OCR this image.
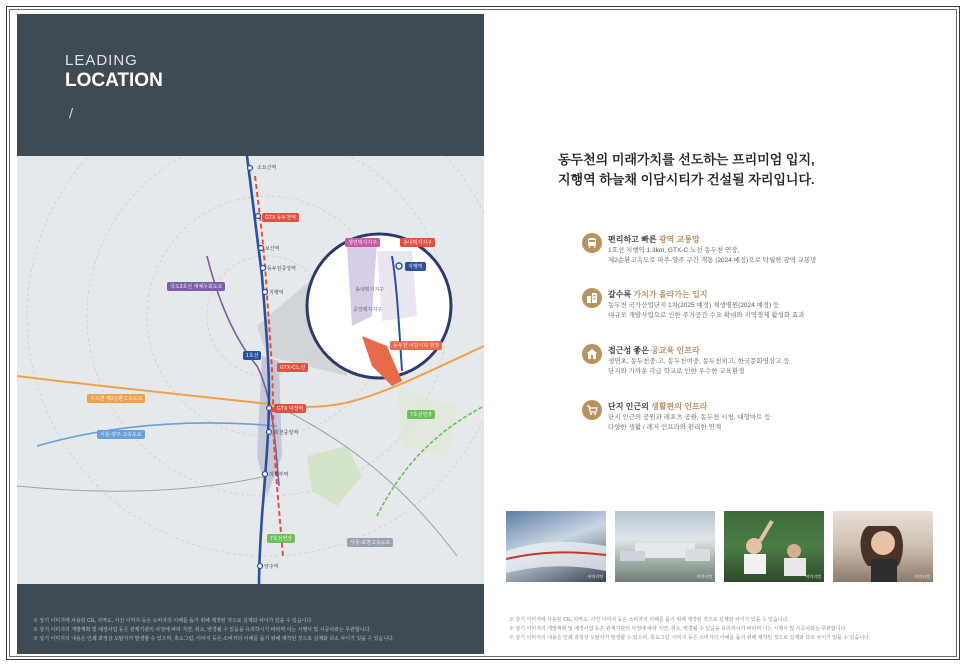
LEADING
LOCATION
/
소요산역
보산역
동두천중앙역
지행역
회천중앙역
의정부역
양주역
GTX 동두천역
GTX-C노선
GTX 덕정역
1호선
국도3호선 대체우회도로
수도권 제2순환고속도로
서울-양주 고속도로
7호선연장
7호선연장
서울-포천고속도로
생연택지지구	송내택지지구
지행역
송내택지지구
중앙택지지구
동두천 이담시티 현장
※ 상기 이미지에 사용된 CG, 지역도, 사진 이미지 등은 소비자의 이해를 돕기 위해 제작된 것으로 실제와 차이가 있을 수 있습니다.
※ 상기 이미지의 개발계획 및 예정사업 등은 관계기관의 사정에 따라 지연, 취소, 변경될 수 있음을 유의하시기 바라며 이는 시행사 및 시공사와는 무관합니다.
※ 상기 이미지의 내용은 인쇄 과정상 오탈자가 발생할 수 있으며, 축도그림, 이미지 등은 소비자의 이해를 돕기 위해 제작된 것으로 실제와 다소 차이가 있을 수 있습니다.
동두천의 미래가치를 선도하는 프리미엄 입지,
지행역 하늘채 이담시티가 건설될 자리입니다.
편리하고 빠른 광역 교통망
1호선 지행역 1.3km, GTX-C 노선 동두천 연장,
제2순환고속도로 파주-양주 구간 개통 (2024 예정)으로 탁월한 광역 교통망
갈수록 가치가 올라가는 입지
동두천 국가산업단지 1차(2025 예정) 재생병원(2024 예정) 등
대규모 개발사업으로 인한 주거공간 수요 확대와 지역경제 활성화 효과
접근성 좋은 공교육 인프라
생연초, 동두천중·고, 동두천여중, 동두천외고, 한국문화영상고 등
단지와 가까운 각급 학교로 인한 우수한 교육환경
단지 인근의 생활편의 인프라
단지 인근의 공원과 레포츠 공원, 동두천 시청, 대형마트 등
다양한 생활 / 레저 인프라와 편리한 연계
이미지컷	이미지컷	이미지컷	이미지컷
※ 상기 이미지에 사용된 CG, 지역도, 사진 이미지 등은 소비자의 이해를 돕기 위해 제작된 것으로 실제와 차이가 있을 수 있습니다.
※ 상기 이미지의 개발계획 및 예정사업 등은 관계기관의 사정에 따라 지연, 취소, 변경될 수 있음을 유의하시기 바라며 이는 시행사 및 시공사와는 무관합니다.
※ 상기 이미지의 내용은 인쇄 과정상 오탈자가 발생할 수 있으며, 축도그림, 이미지 등은 소비자의 이해를 돕기 위해 제작된 것으로 실제와 다소 차이가 있을 수 있습니다.
